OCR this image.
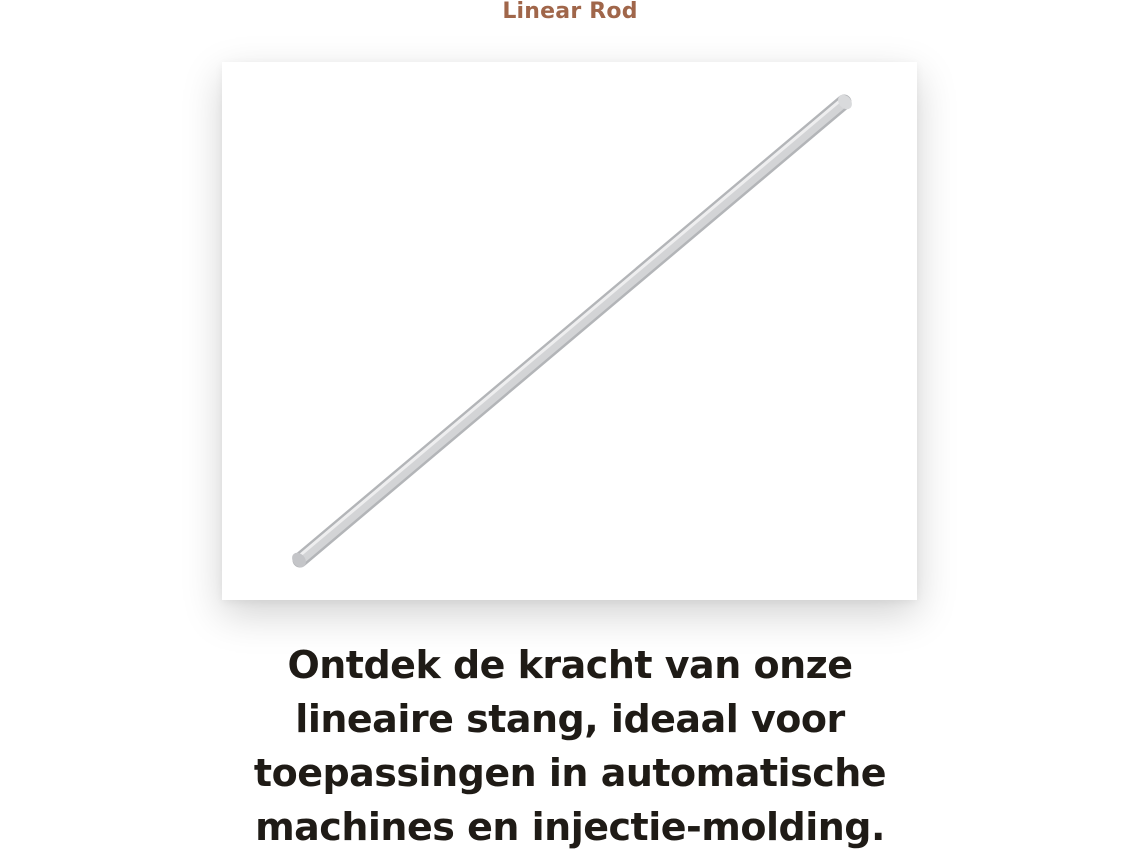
Linear Rod
Ontdek de kracht van onze
lineaire stang, ideaal voor
toepassingen in automatische
machines en injectie-molding.
